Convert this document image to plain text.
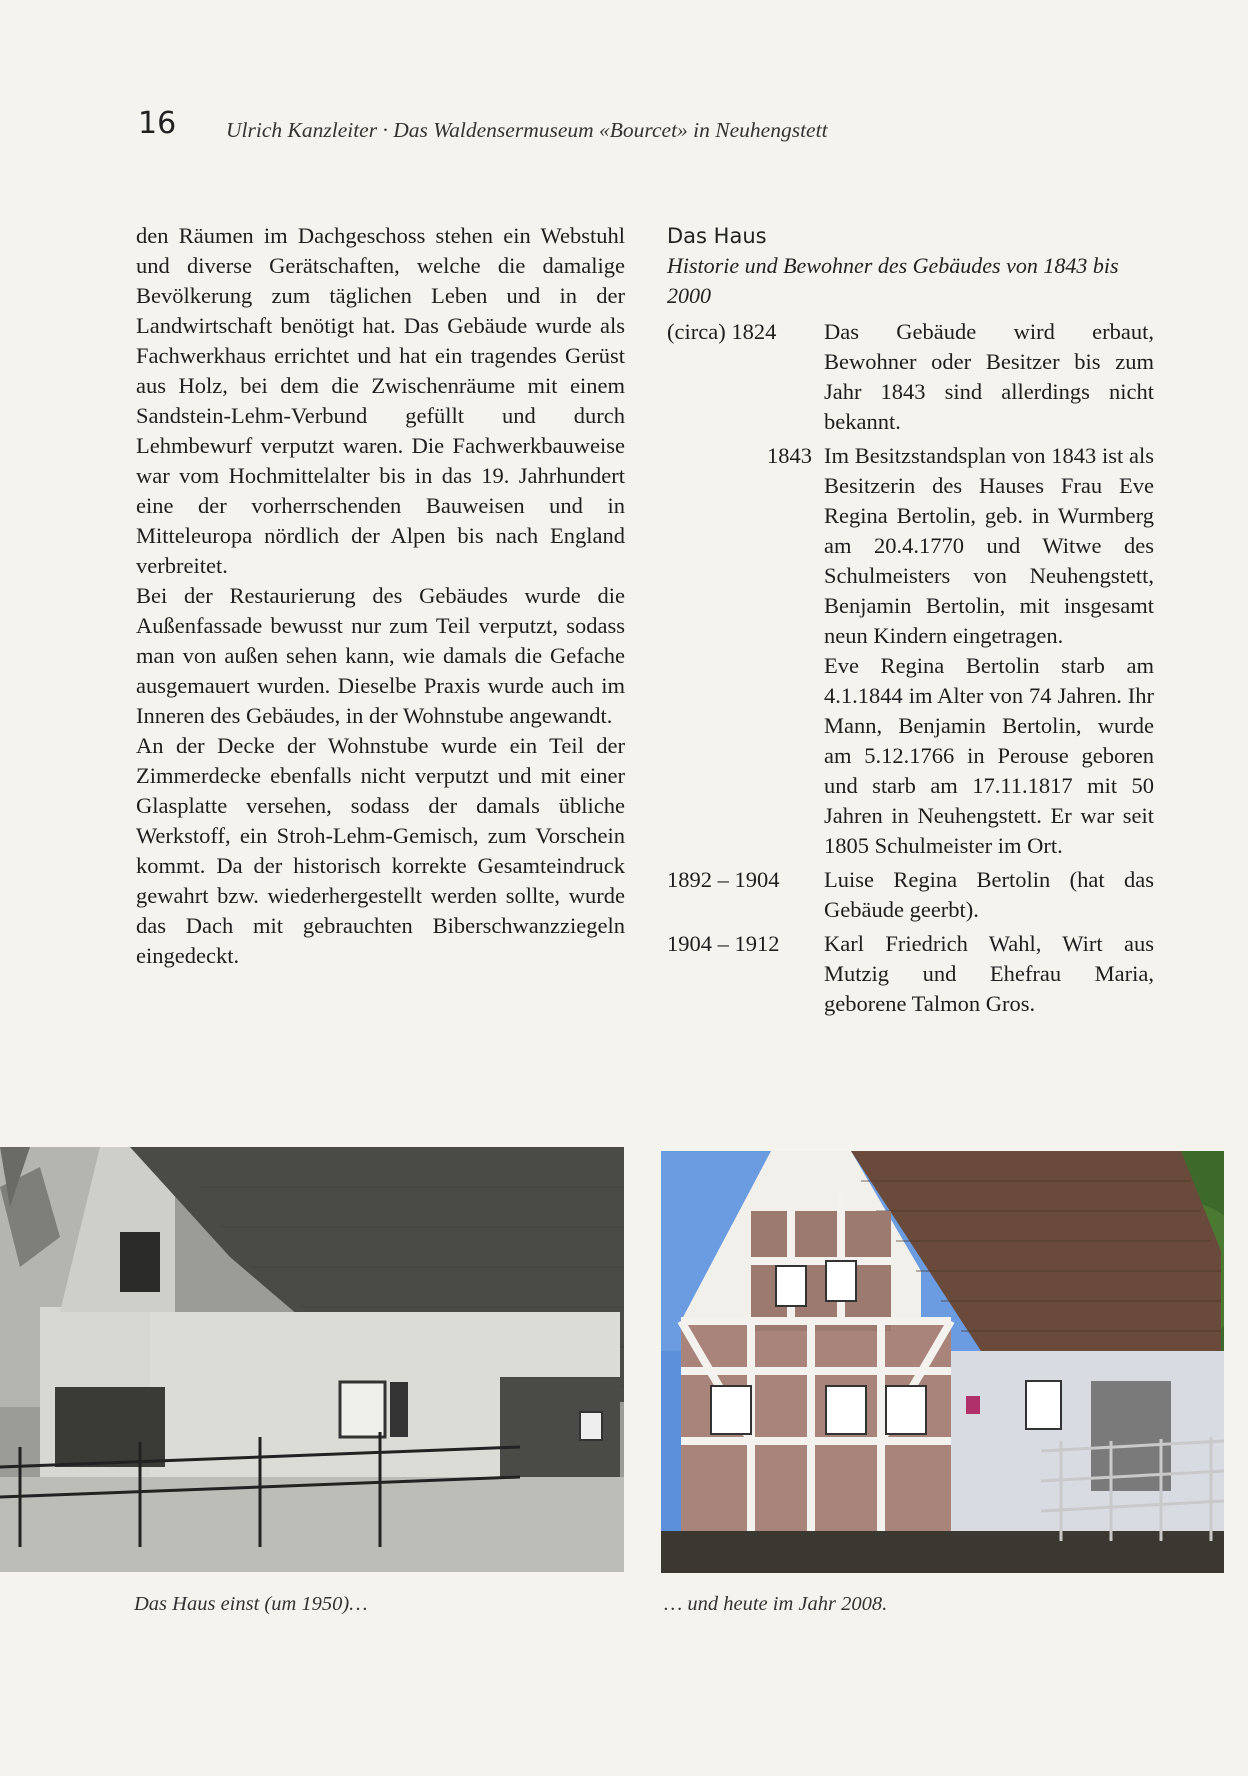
16 Ulrich Kanzleiter · Das Waldensermuseum «Bourcet» in Neuhengstett

den Räumen im Dachgeschoss stehen ein Webstuhl und diverse Gerätschaften, welche die damalige Bevölkerung zum täglichen Leben und in der Landwirtschaft benötigt hat. Das Gebäude wurde als Fachwerkhaus errichtet und hat ein tragendes Gerüst aus Holz, bei dem die Zwischenräume mit einem Sandstein-Lehm-Verbund gefüllt und durch Lehmbewurf verputzt waren. Die Fachwerkbauweise war vom Hochmittelalter bis in das 19. Jahrhundert eine der vorherrschenden Bauweisen und in Mitteleuropa nördlich der Alpen bis nach England verbreitet.

Bei der Restaurierung des Gebäudes wurde die Außenfassade bewusst nur zum Teil verputzt, sodass man von außen sehen kann, wie damals die Gefache ausgemauert wurden. Dieselbe Praxis wurde auch im Inneren des Gebäudes, in der Wohnstube angewandt.

An der Decke der Wohnstube wurde ein Teil der Zimmerdecke ebenfalls nicht verputzt und mit einer Glasplatte versehen, sodass der damals übliche Werkstoff, ein Stroh-Lehm-Gemisch, zum Vorschein kommt. Da der historisch korrekte Gesamteindruck gewahrt bzw. wiederhergestellt werden sollte, wurde das Dach mit gebrauchten Biberschwanzziegeln eingedeckt.

Das Haus
Historie und Bewohner des Gebäudes von 1843 bis 2000
(circa) 1824	Das Gebäude wird erbaut, Bewohner oder Besitzer bis zum Jahr 1843 sind allerdings nicht bekannt.
1843 Im Besitzstandsplan von 1843 ist als Besitzerin des Hauses Frau Eve Regina Bertolin, geb. in Wurmberg am 20.4.1770 und Witwe des Schulmeisters von Neuhengstett, Benjamin Bertolin, mit insgesamt neun Kindern eingetragen.
Eve Regina Bertolin starb am 4.1.1844 im Alter von 74 Jahren. Ihr Mann, Benjamin Bertolin, wurde am 5.12.1766 in Perouse geboren und starb am 17.11.1817 mit 50 Jahren in Neuhengstett. Er war seit 1805 Schulmeister im Ort.
1892 – 1904	Luise Regina Bertolin (hat das Gebäude geerbt).
1904 – 1912	Karl Friedrich Wahl, Wirt aus Mutzig und Ehefrau Maria, geborene Talmon Gros.
Das Haus einst (um 1950)…	… und heute im Jahr 2008.
